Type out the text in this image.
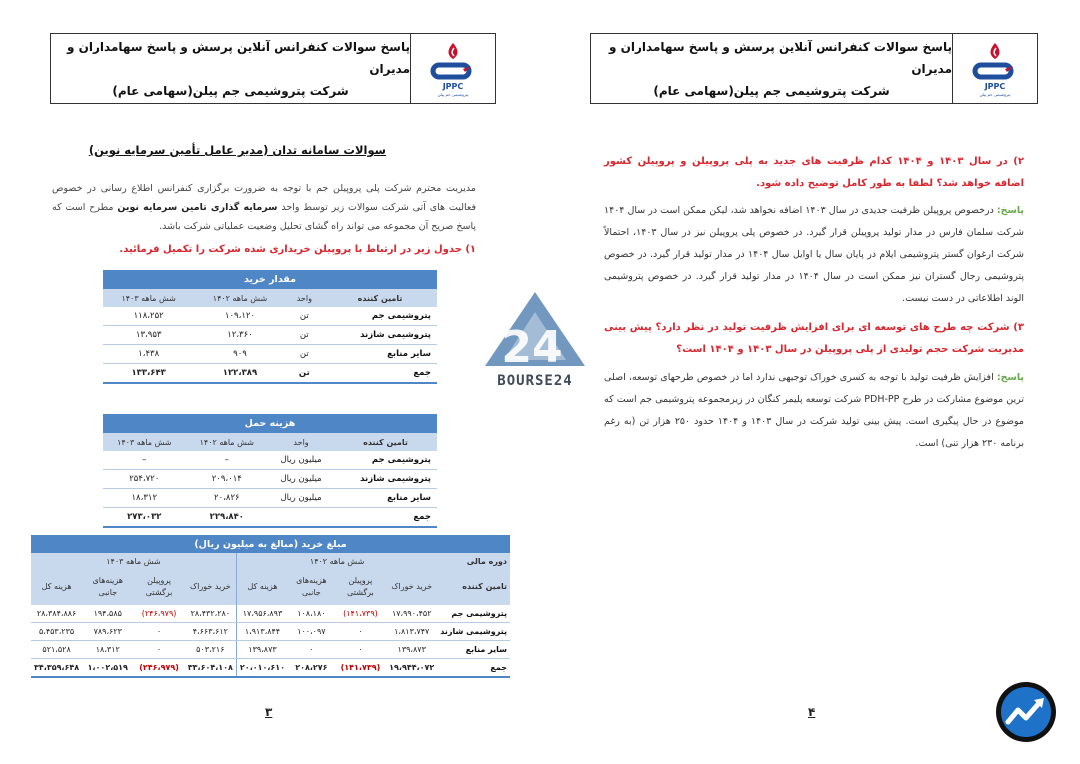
پاسخ سوالات کنفرانس آنلاین پرسش و پاسخ سهامداران و مدیران
شرکت پتروشیمی جم پیلن(سهامی عام)	JPPC
پتروشیمی جم پیلن
سوالات سامانه تدان (مدیر عامل تأمین سرمایه نوین)
مدیریت محترم شرکت پلی پروپیلن جم با توجه به ضرورت برگزاری کنفرانس اطلاع رسانی در خصوص فعالیت های آتی شرکت سوالات زیر توسط واحد سرمایه گذاری تامین سرمایه نوین مطرح است که پاسخ صریح آن مجموعه می تواند راه گشای تحلیل وضعیت عملیاتی شرکت باشد.
۱) جدول زیر در ارتباط با پروپیلن خریداری شده شرکت را تکمیل فرمائید.
مقدار خرید			
تامین کننده	واحد	شش ماهه ۱۴۰۲	شش ماهه ۱۴۰۳
پتروشیمی جم	تن	۱۰۹،۱۲۰	۱۱۸،۲۵۲
پتروشیمی شازند	تن	۱۲،۳۶۰	۱۳،۹۵۳
سایر منابع	تن	۹۰۹	۱،۴۳۸
جمع	تن	۱۲۲،۳۸۹	۱۳۳،۶۴۳
هزینه حمل			
تامین کننده	واحد	شش ماهه ۱۴۰۲	شش ماهه ۱۴۰۳
پتروشیمی جم	میلیون ریال	–	–
پتروشیمی شازند	میلیون ریال	۲۰۹،۰۱۴	۲۵۴،۷۲۰
سایر منابع	میلیون ریال	۲۰،۸۲۶	۱۸،۳۱۲
جمع		۲۲۹،۸۴۰	۲۷۳،۰۳۲
مبلغ خرید (مبالغ به میلیون ریال)								
دوره مالی	شش ماهه ۱۴۰۲				شش ماهه ۱۴۰۳			
تامین کننده	خرید خوراک	پروپیلن برگشتی	هزینه‌های جانبی	هزینه کل	خرید خوراک	پروپیلن برگشتی	هزینه‌های جانبی	هزینه کل
پتروشیمی جم	۱۷،۹۹۰،۴۵۲	(۱۴۱،۷۳۹)	۱۰۸،۱۸۰	۱۷،۹۵۶،۸۹۳	۲۸،۴۳۲،۲۸۰	(۲۴۶،۹۷۹)	۱۹۴،۵۸۵	۲۸،۳۸۴،۸۸۶
پتروشیمی شازند	۱،۸۱۳،۷۴۷	۰	۱۰۰،۰۹۷	۱،۹۱۳،۸۴۴	۴،۶۶۳،۶۱۲	۰	۷۸۹،۶۲۳	۵،۴۵۳،۲۳۵
سایر منابع	۱۳۹،۸۷۳	۰	۰	۱۳۹،۸۷۳	۵۰۳،۲۱۶	۰	۱۸،۳۱۲	۵۲۱،۵۲۸
جمع	۱۹،۹۴۴،۰۷۲	(۱۴۱،۷۳۹)	۲۰۸،۲۷۶	۲۰،۰۱۰،۶۱۰	۳۳،۶۰۴،۱۰۸	(۲۴۶،۹۷۹)	۱،۰۰۲،۵۱۹	۳۴،۳۵۹،۶۴۸
۳
24
BOURSE24
پاسخ سوالات کنفرانس آنلاین پرسش و پاسخ سهامداران و مدیران
شرکت پتروشیمی جم پیلن(سهامی عام)	JPPC
پتروشیمی جم پیلن
۲) در سال ۱۴۰۳ و ۱۴۰۴ کدام ظرفیت های جدید به پلی پروپیلن و پروپیلن کشور اضافه خواهد شد؟ لطفا به طور کامل توضیح داده شود.
پاسخ: درخصوص پروپیلن ظرفیت جدیدی در سال ۱۴۰۳ اضافه نخواهد شد، لیکن ممکن است در سال ۱۴۰۴ شرکت سلمان فارس در مدار تولید پروپیلن قرار گیرد. در خصوص پلی پروپیلن نیز در سال ۱۴۰۳، احتمالاً شرکت ارغوان گستر پتروشیمی ایلام در پایان سال یا اوایل سال ۱۴۰۴ در مدار تولید قرار گیرد. در خصوص پتروشیمی رجال گستران نیز ممکن است در سال ۱۴۰۴ در مدار تولید قرار گیرد. در خصوص پتروشیمی الوند اطلاعاتی در دست نیست.
۳) شرکت چه طرح های توسعه ای برای افزایش ظرفیت تولید در نظر دارد؟ پیش بینی مدیریت شرکت حجم تولیدی از پلی پروپیلن در سال ۱۴۰۳ و ۱۴۰۴ است؟
پاسخ: افزایش ظرفیت تولید با توجه به کسری خوراک توجیهی ندارد اما در خصوص طرحهای توسعه، اصلی ترین موضوع مشارکت در طرح PDH-PP شرکت توسعه پلیمر کنگان در زیرمجموعه پتروشیمی جم است که موضوع در حال پیگیری است. پیش بینی تولید شرکت در سال ۱۴۰۳ و ۱۴۰۴ حدود ۲۵۰ هزار تن (به رغم برنامه ۲۳۰ هزار تنی) است.
۴
